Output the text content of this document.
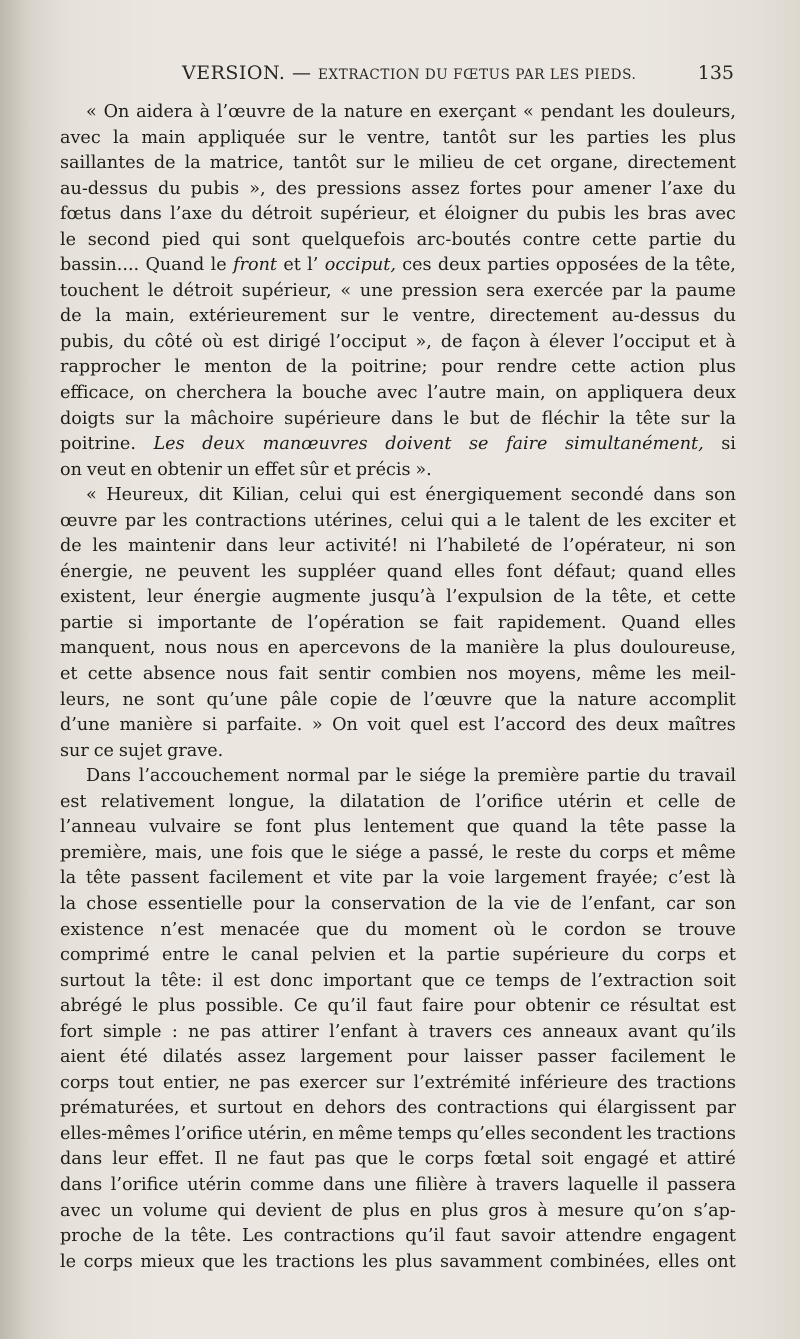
VERSION. — EXTRACTION DU FŒTUS PAR LES PIEDS.	135
« On aidera à l’œuvre de la nature en exerçant « pendant les douleurs,
avec la main appliquée sur le ventre, tantôt sur les parties les plus
saillantes de la matrice, tantôt sur le milieu de cet organe, directement
au-dessus du pubis », des pressions assez fortes pour amener l’axe du
fœtus dans l’axe du détroit supérieur, et éloigner du pubis les bras avec
le second pied qui sont quelquefois arc-boutés contre cette partie du
bassin.... Quand le front et l’ occiput, ces deux parties opposées de la tête,
touchent le détroit supérieur, « une pression sera exercée par la paume
de la main, extérieurement sur le ventre, directement au-dessus du
pubis, du côté où est dirigé l’occiput », de façon à élever l’occiput et à
rapprocher le menton de la poitrine; pour rendre cette action plus
efficace, on cherchera la bouche avec l’autre main, on appliquera deux
doigts sur la mâchoire supérieure dans le but de fléchir la tête sur la
poitrine. Les deux manœuvres doivent se faire simultanément, si
on veut en obtenir un effet sûr et précis ».
« Heureux, dit Kilian, celui qui est énergiquement secondé dans son
œuvre par les contractions utérines, celui qui a le talent de les exciter et
de les maintenir dans leur activité! ni l’habileté de l’opérateur, ni son
énergie, ne peuvent les suppléer quand elles font défaut; quand elles
existent, leur énergie augmente jusqu’à l’expulsion de la tête, et cette
partie si importante de l’opération se fait rapidement. Quand elles
manquent, nous nous en apercevons de la manière la plus douloureuse,
et cette absence nous fait sentir combien nos moyens, même les meil-
leurs, ne sont qu’une pâle copie de l’œuvre que la nature accomplit
d’une manière si parfaite. » On voit quel est l’accord des deux maîtres
sur ce sujet grave.
Dans l’accouchement normal par le siége la première partie du travail
est relativement longue, la dilatation de l’orifice utérin et celle de
l’anneau vulvaire se font plus lentement que quand la tête passe la
première, mais, une fois que le siége a passé, le reste du corps et même
la tête passent facilement et vite par la voie largement frayée; c’est là
la chose essentielle pour la conservation de la vie de l’enfant, car son
existence n’est menacée que du moment où le cordon se trouve
comprimé entre le canal pelvien et la partie supérieure du corps et
surtout la tête: il est donc important que ce temps de l’extraction soit
abrégé le plus possible. Ce qu’il faut faire pour obtenir ce résultat est
fort simple : ne pas attirer l’enfant à travers ces anneaux avant qu’ils
aient été dilatés assez largement pour laisser passer facilement le
corps tout entier, ne pas exercer sur l’extrémité inférieure des tractions
prématurées, et surtout en dehors des contractions qui élargissent par
elles-mêmes l’orifice utérin, en même temps qu’elles secondent les tractions
dans leur effet. Il ne faut pas que le corps fœtal soit engagé et attiré
dans l’orifice utérin comme dans une filière à travers laquelle il passera
avec un volume qui devient de plus en plus gros à mesure qu’on s’ap-
proche de la tête. Les contractions qu’il faut savoir attendre engagent
le corps mieux que les tractions les plus savamment combinées, elles ont
